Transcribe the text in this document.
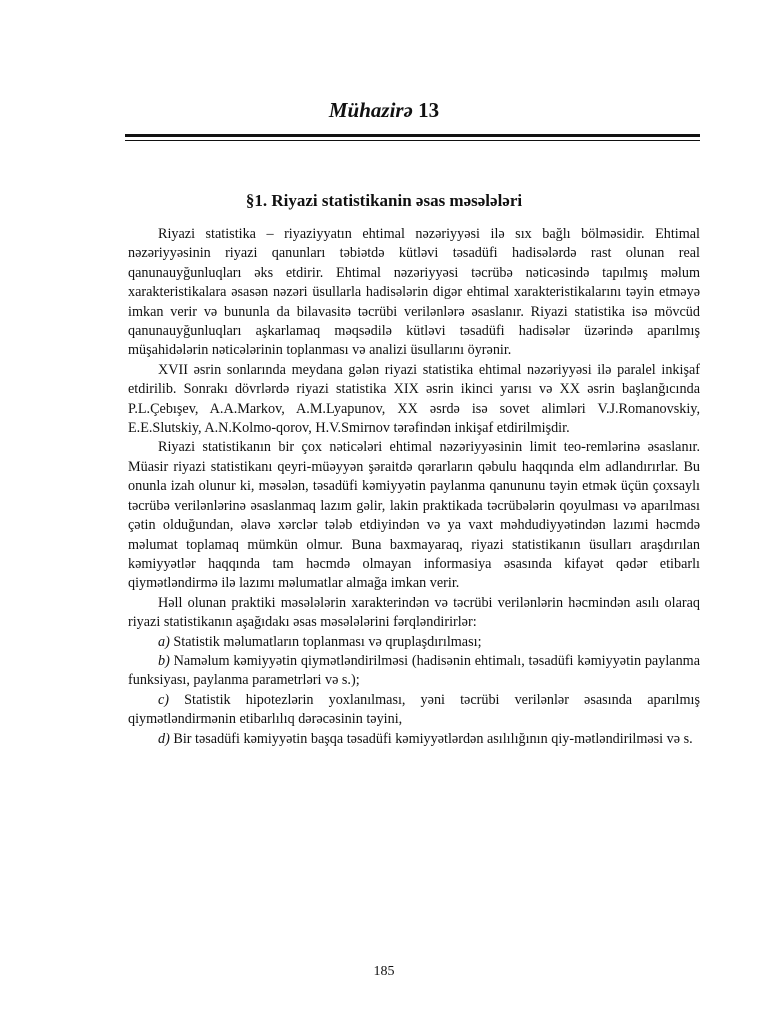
Mühazirə 13
§1. Riyazi statistikanin əsas məsələləri

Riyazi statistika – riyaziyyatın ehtimal nəzəriyyəsi ilə sıx bağlı bölməsidir. Ehtimal nəzəriyyəsinin riyazi qanunları təbiətdə kütləvi təsadüfi hadisələrdə rast olunan real qanunauyğunluqları əks etdirir. Ehtimal nəzəriyyəsi təcrübə nəticəsində tapılmış məlum xarakteristikalara əsasən nəzəri üsullarla hadisələrin digər ehtimal xarakteristikalarını təyin etməyə imkan verir və bununla da bilavasitə təcrübi verilənlərə əsaslanır. Riyazi statistika isə mövcüd qanunauyğunluqları aşkarlamaq məqsədilə kütləvi təsadüfi hadisələr üzərində aparılmış müşahidələrin nəticələrinin toplanması və analizi üsullarını öyrənir.

XVII əsrin sonlarında meydana gələn riyazi statistika ehtimal nəzəriyyəsi ilə paralel inkişaf etdirilib. Sonrakı dövrlərdə riyazi statistika XIX əsrin ikinci yarısı və XX əsrin başlanğıcında P.L.Çebışev, A.A.Markov, A.M.Lyapunov, XX əsrdə isə sovet alimləri V.J.Romanovskiy, E.E.Slutskiy, A.N.Kolmo-qorov, H.V.Smirnov tərəfindən inkişaf etdirilmişdir.

Riyazi statistikanın bir çox nəticələri ehtimal nəzəriyyəsinin limit teo-remlərinə əsaslanır. Müasir riyazi statistikanı qeyri-müəyyən şəraitdə qərarların qəbulu haqqında elm adlandırırlar. Bu onunla izah olunur ki, məsələn, təsadüfi kəmiyyətin paylanma qanununu təyin etmək üçün çoxsaylı təcrübə verilənlərinə əsaslanmaq lazım gəlir, lakin praktikada təcrübələrin qoyulması və aparılması çətin olduğundan, əlavə xərclər tələb etdiyindən və ya vaxt məhdudiyyətindən lazımi həcmdə məlumat toplamaq mümkün olmur. Buna baxmayaraq, riyazi statistikanın üsulları araşdırılan kəmiyyətlər haqqında tam həcmdə olmayan informasiya əsasında kifayət qədər etibarlı qiymətləndirmə ilə lazımı məlumatlar almağa imkan verir.

Həll olunan praktiki məsələlərin xarakterindən və təcrübi verilənlərin həcmindən asılı olaraq riyazi statistikanın aşağıdakı əsas məsələlərini fərqləndirirlər:

a) Statistik məlumatların toplanması və qruplaşdırılması;

b) Naməlum kəmiyyətin qiymətləndirilməsi (hadisənin ehtimalı, təsadüfi kəmiyyətin paylanma funksiyası, paylanma parametrləri və s.);

c) Statistik hipotezlərin yoxlanılması, yəni təcrübi verilənlər əsasında aparılmış qiymətləndirmənin etibarlılıq dərəcəsinin təyini,

d) Bir təsadüfi kəmiyyətin başqa təsadüfi kəmiyyətlərdən asılılığının qiy-mətləndirilməsi və s.

185
